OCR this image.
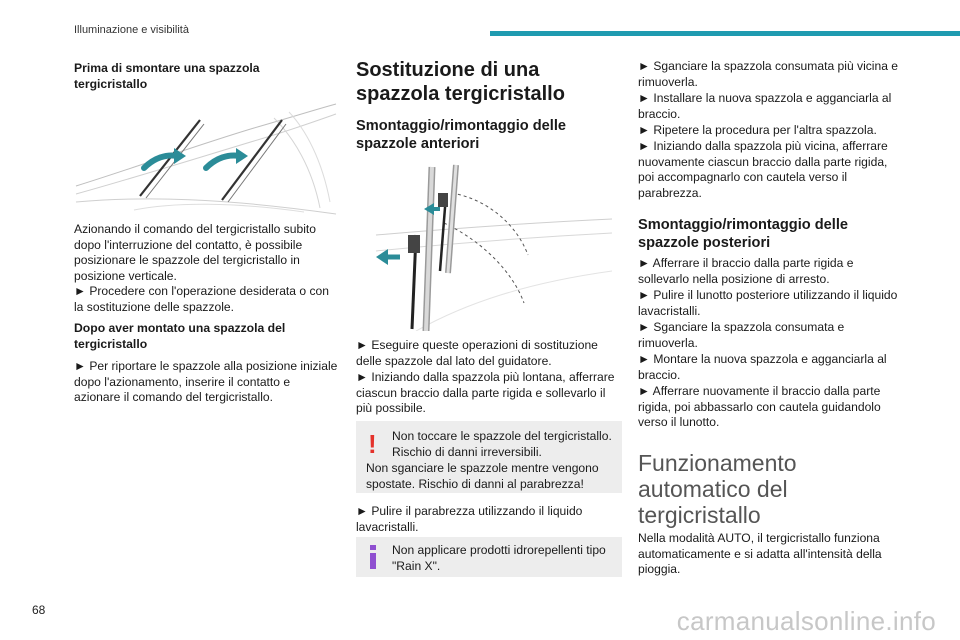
Illuminazione e visibilità

Prima di smontare una spazzola tergicristallo

Azionando il comando del tergicristallo subito dopo l'interruzione del contatto, è possibile posizionare le spazzole del tergicristallo in posizione verticale.

► Procedere con l'operazione desiderata o con la sostituzione delle spazzole.

Dopo aver montato una spazzola del tergicristallo

► Per riportare le spazzole alla posizione iniziale dopo l'azionamento, inserire il contatto e azionare il comando del tergicristallo.

Sostituzione di una spazzola tergicristallo

Smontaggio/rimontaggio delle spazzole anteriori

► Eseguire queste operazioni di sostituzione delle spazzole dal lato del guidatore.

► Iniziando dalla spazzola più lontana, afferrare ciascun braccio dalla parte rigida e sollevarlo il più possibile.

! Non toccare le spazzole del tergicristallo. Rischio di danni irreversibili.

Non sganciare le spazzole mentre vengono spostate. Rischio di danni al parabrezza!

► Pulire il parabrezza utilizzando il liquido lavacristalli.

Non applicare prodotti idrorepellenti tipo "Rain X".

► Sganciare la spazzola consumata più vicina e rimuoverla.

► Installare la nuova spazzola e agganciarla al braccio.

► Ripetere la procedura per l'altra spazzola.

► Iniziando dalla spazzola più vicina, afferrare nuovamente ciascun braccio dalla parte rigida, poi accompagnarlo con cautela verso il parabrezza.

Smontaggio/rimontaggio delle spazzole posteriori

► Afferrare il braccio dalla parte rigida e sollevarlo nella posizione di arresto.

► Pulire il lunotto posteriore utilizzando il liquido lavacristalli.

► Sganciare la spazzola consumata e rimuoverla.

► Montare la nuova spazzola e agganciarla al braccio.

► Afferrare nuovamente il braccio dalla parte rigida, poi abbassarlo con cautela guidandolo verso il lunotto.

Funzionamento automatico del tergicristallo

Nella modalità AUTO, il tergicristallo funziona automaticamente e si adatta all'intensità della pioggia.

68	carmanualsonline.info
